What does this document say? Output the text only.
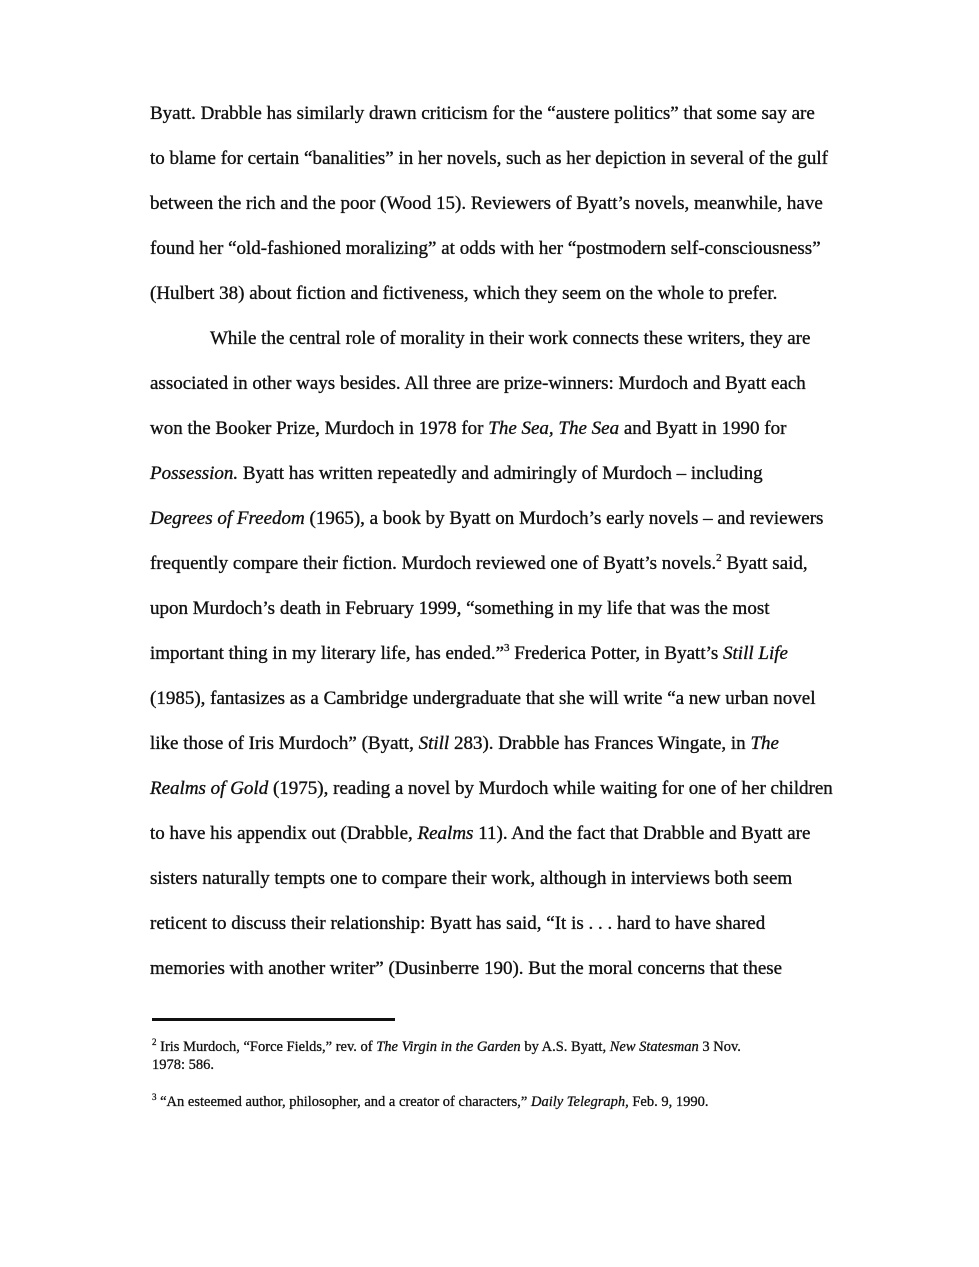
Byatt. Drabble has similarly drawn criticism for the “austere politics” that some say are
to blame for certain “banalities” in her novels, such as her depiction in several of the gulf
between the rich and the poor (Wood 15). Reviewers of Byatt’s novels, meanwhile, have
found her “old-fashioned moralizing” at odds with her “postmodern self-consciousness”
(Hulbert 38) about fiction and fictiveness, which they seem on the whole to prefer.
While the central role of morality in their work connects these writers, they are
associated in other ways besides. All three are prize-winners: Murdoch and Byatt each
won the Booker Prize, Murdoch in 1978 for The Sea, The Sea and Byatt in 1990 for
Possession. Byatt has written repeatedly and admiringly of Murdoch – including
Degrees of Freedom (1965), a book by Byatt on Murdoch’s early novels – and reviewers
frequently compare their fiction. Murdoch reviewed one of Byatt’s novels.$^2$ Byatt said,
upon Murdoch’s death in February 1999, “something in my life that was the most
important thing in my literary life, has ended.”$^3$ Frederica Potter, in Byatt’s Still Life
(1985), fantasizes as a Cambridge undergraduate that she will write “a new urban novel
like those of Iris Murdoch” (Byatt, Still 283). Drabble has Frances Wingate, in The
Realms of Gold (1975), reading a novel by Murdoch while waiting for one of her children
to have his appendix out (Drabble, Realms 11). And the fact that Drabble and Byatt are
sisters naturally tempts one to compare their work, although in interviews both seem
reticent to discuss their relationship: Byatt has said, “It is . . . hard to have shared
memories with another writer” (Dusinberre 190). But the moral concerns that these
$^2$ Iris Murdoch, “Force Fields,” rev. of The Virgin in the Garden by A.S. Byatt, New Statesman 3 Nov.
1978: 586.
$^3$ “An esteemed author, philosopher, and a creator of characters,” Daily Telegraph, Feb. 9, 1990.
